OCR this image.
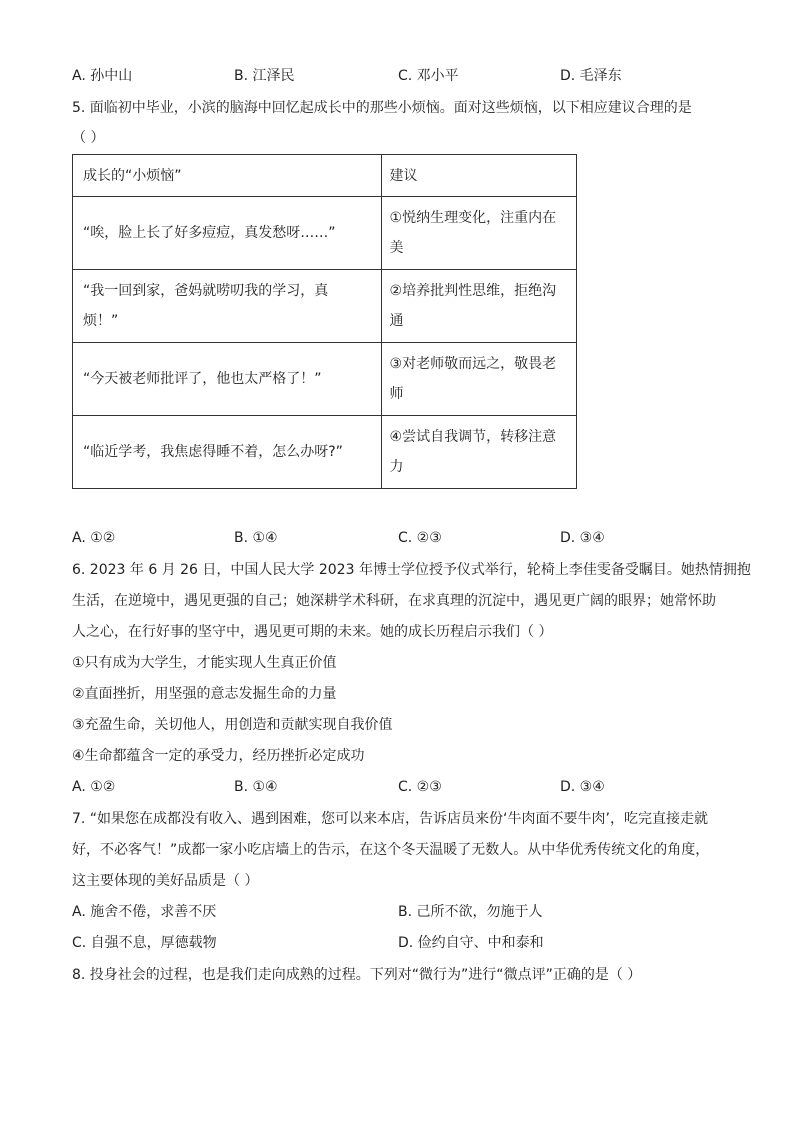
A. 孙中山	B. 江泽民	C. 邓小平	D. 毛泽东
5. 面临初中毕业，小滨的脑海中回忆起成长中的那些小烦恼。面对这些烦恼，以下相应建议合理的是
（ ）
成长的“小烦恼”	建议
“唉，脸上长了好多痘痘，真发愁呀……”	①悦纳生理变化，注重内在
美
“我一回到家，爸妈就唠叨我的学习，真
烦！”	②培养批判性思维，拒绝沟
通
“今天被老师批评了，他也太严格了！”	③对老师敬而远之，敬畏老
师
“临近学考，我焦虑得睡不着，怎么办呀?”	④尝试自我调节，转移注意
力
A. ①②	B. ①④	C. ②③	D. ③④
6. 2023 年 6 月 26 日，中国人民大学 2023 年博士学位授予仪式举行，轮椅上李佳雯备受瞩目。她热情拥抱
生活，在逆境中，遇见更强的自己；她深耕学术科研，在求真理的沉淀中，遇见更广阔的眼界；她常怀助
人之心，在行好事的坚守中，遇见更可期的未来。她的成长历程启示我们（ ）
①只有成为大学生，才能实现人生真正价值
②直面挫折，用坚强的意志发掘生命的力量
③充盈生命，关切他人，用创造和贡献实现自我价值
④生命都蕴含一定的承受力，经历挫折必定成功
A. ①②	B. ①④	C. ②③	D. ③④
7. “如果您在成都没有收入、遇到困难，您可以来本店，告诉店员来份‘牛肉面不要牛肉’，吃完直接走就
好，不必客气！”成都一家小吃店墙上的告示，在这个冬天温暖了无数人。从中华优秀传统文化的角度，
这主要体现的美好品质是（ ）
A. 施舍不倦，求善不厌	B. 己所不欲，勿施于人
C. 自强不息，厚德载物	D. 俭约自守、中和泰和
8. 投身社会的过程，也是我们走向成熟的过程。下列对“微行为”进行“微点评”正确的是（ ）
